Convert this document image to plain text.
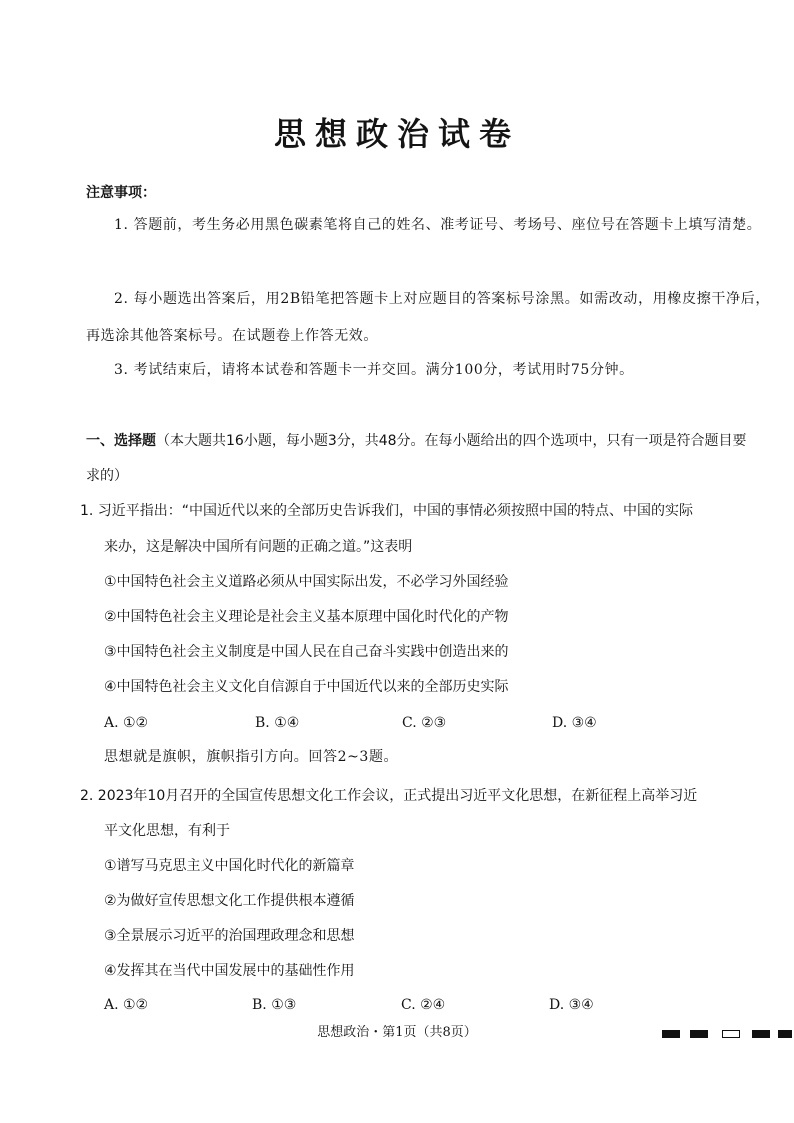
思想政治试卷
注意事项：
1. 答题前，考生务必用黑色碳素笔将自己的姓名、准考证号、考场号、座位号在答题卡上填写清楚。
2. 每小题选出答案后，用2B铅笔把答题卡上对应题目的答案标号涂黑。如需改动，用橡皮擦干净后，再选涂其他答案标号。在试题卷上作答无效。
3. 考试结束后，请将本试卷和答题卡一并交回。满分100分，考试用时75分钟。
一、选择题（本大题共16小题，每小题3分，共48分。在每小题给出的四个选项中，只有一项是符合题目要求的）
1. 习近平指出：“中国近代以来的全部历史告诉我们，中国的事情必须按照中国的特点、中国的实际
来办，这是解决中国所有问题的正确之道。”这表明
①中国特色社会主义道路必须从中国实际出发，不必学习外国经验
②中国特色社会主义理论是社会主义基本原理中国化时代化的产物
③中国特色社会主义制度是中国人民在自己奋斗实践中创造出来的
④中国特色社会主义文化自信源自于中国近代以来的全部历史实际
A. ①②	B. ①④	C. ②③	D. ③④
思想就是旗帜，旗帜指引方向。回答2~3题。
2. 2023年10月召开的全国宣传思想文化工作会议，正式提出习近平文化思想，在新征程上高举习近
平文化思想，有利于
①谱写马克思主义中国化时代化的新篇章
②为做好宣传思想文化工作提供根本遵循
③全景展示习近平的治国理政理念和思想
④发挥其在当代中国发展中的基础性作用
A. ①②	B. ①③	C. ②④	D. ③④
思想政治・第1页（共8页）
